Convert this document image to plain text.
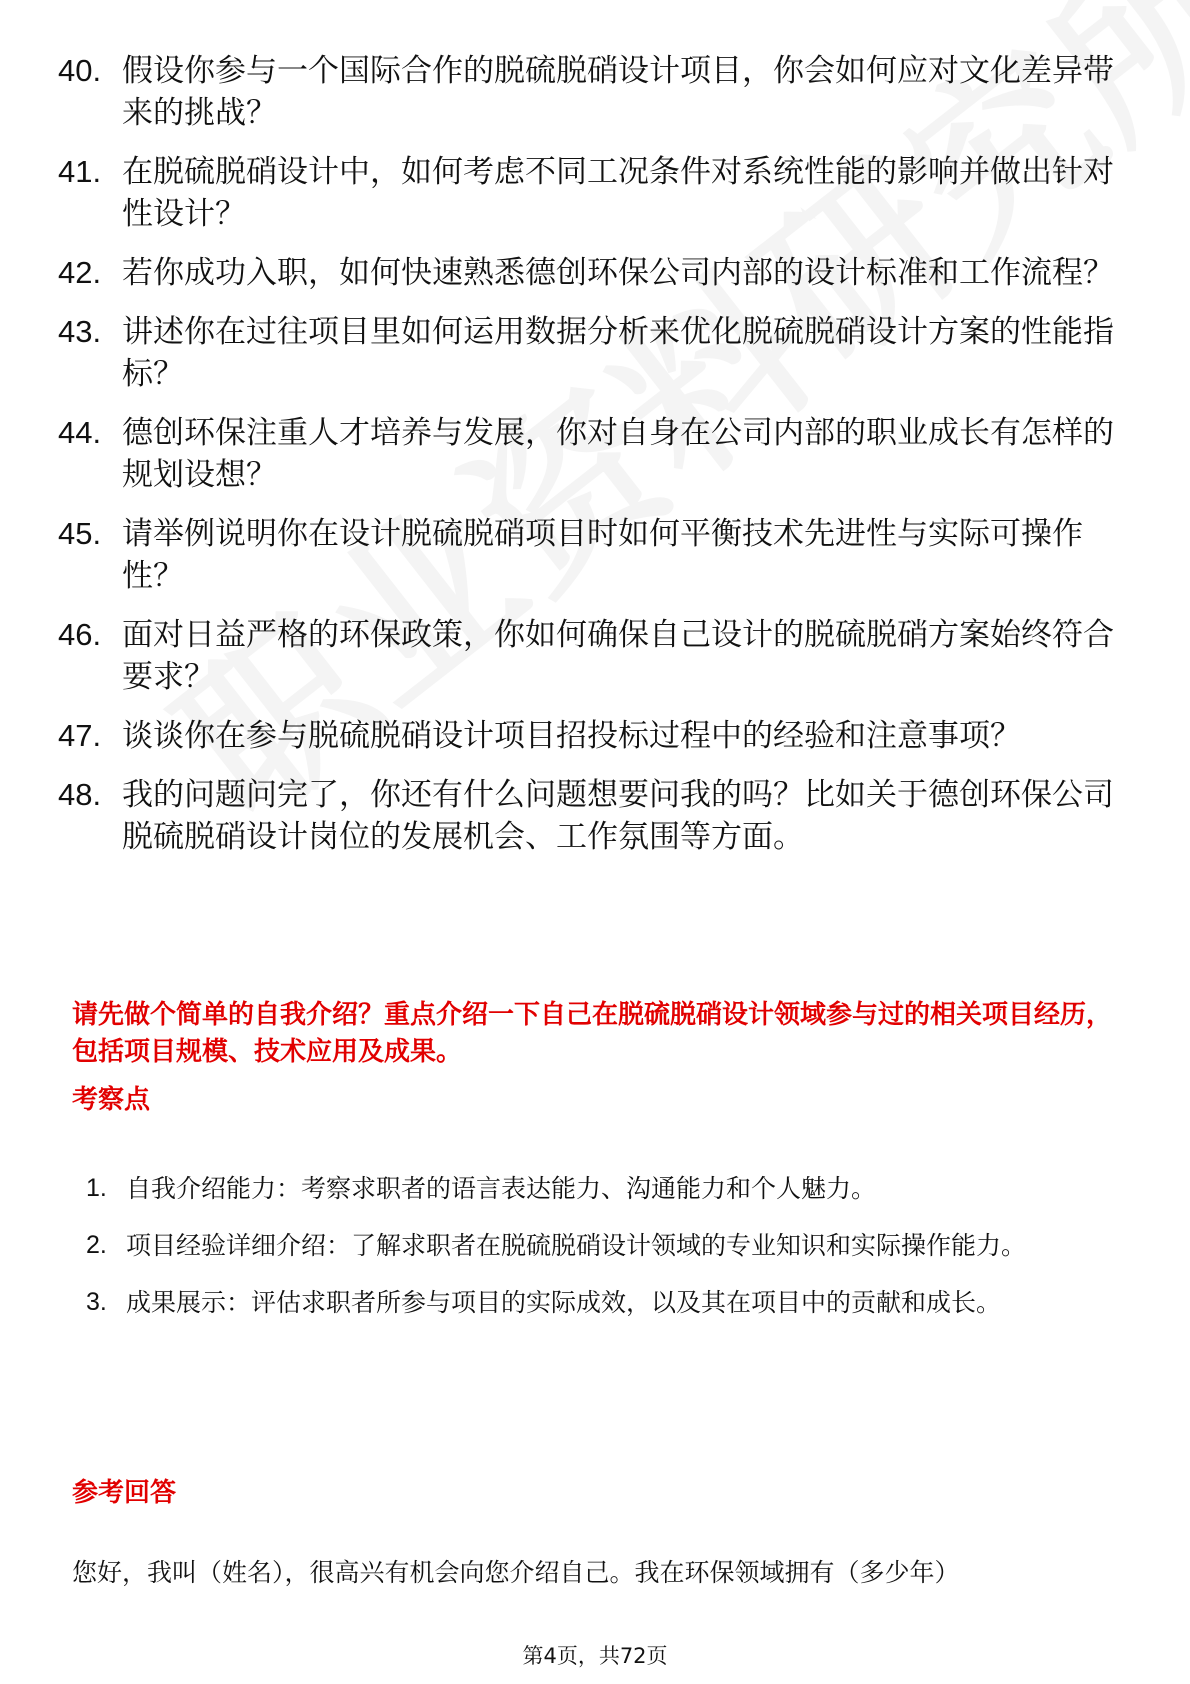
40. 假设你参与一个国际合作的脱硫脱硝设计项目，你会如何应对文化差异带来的挑战？
41. 在脱硫脱硝设计中，如何考虑不同工况条件对系统性能的影响并做出针对性设计？
42. 若你成功入职，如何快速熟悉德创环保公司内部的设计标准和工作流程？
43. 讲述你在过往项目里如何运用数据分析来优化脱硫脱硝设计方案的性能指标？
44. 德创环保注重人才培养与发展，你对自身在公司内部的职业成长有怎样的规划设想？
45. 请举例说明你在设计脱硫脱硝项目时如何平衡技术先进性与实际可操作性？
46. 面对日益严格的环保政策，你如何确保自己设计的脱硫脱硝方案始终符合要求？
47. 谈谈你在参与脱硫脱硝设计项目招投标过程中的经验和注意事项？
48. 我的问题问完了，你还有什么问题想要问我的吗？比如关于德创环保公司脱硫脱硝设计岗位的发展机会、工作氛围等方面。
请先做个简单的自我介绍？重点介绍一下自己在脱硫脱硝设计领域参与过的相关项目经历，包括项目规模、技术应用及成果。
考察点
1. 自我介绍能力：考察求职者的语言表达能力、沟通能力和个人魅力。
2. 项目经验详细介绍：了解求职者在脱硫脱硝设计领域的专业知识和实际操作能力。
3. 成果展示：评估求职者所参与项目的实际成效，以及其在项目中的贡献和成长。
参考回答
您好，我叫（姓名），很高兴有机会向您介绍自己。我在环保领域拥有（多少年）
第4页，共72页
